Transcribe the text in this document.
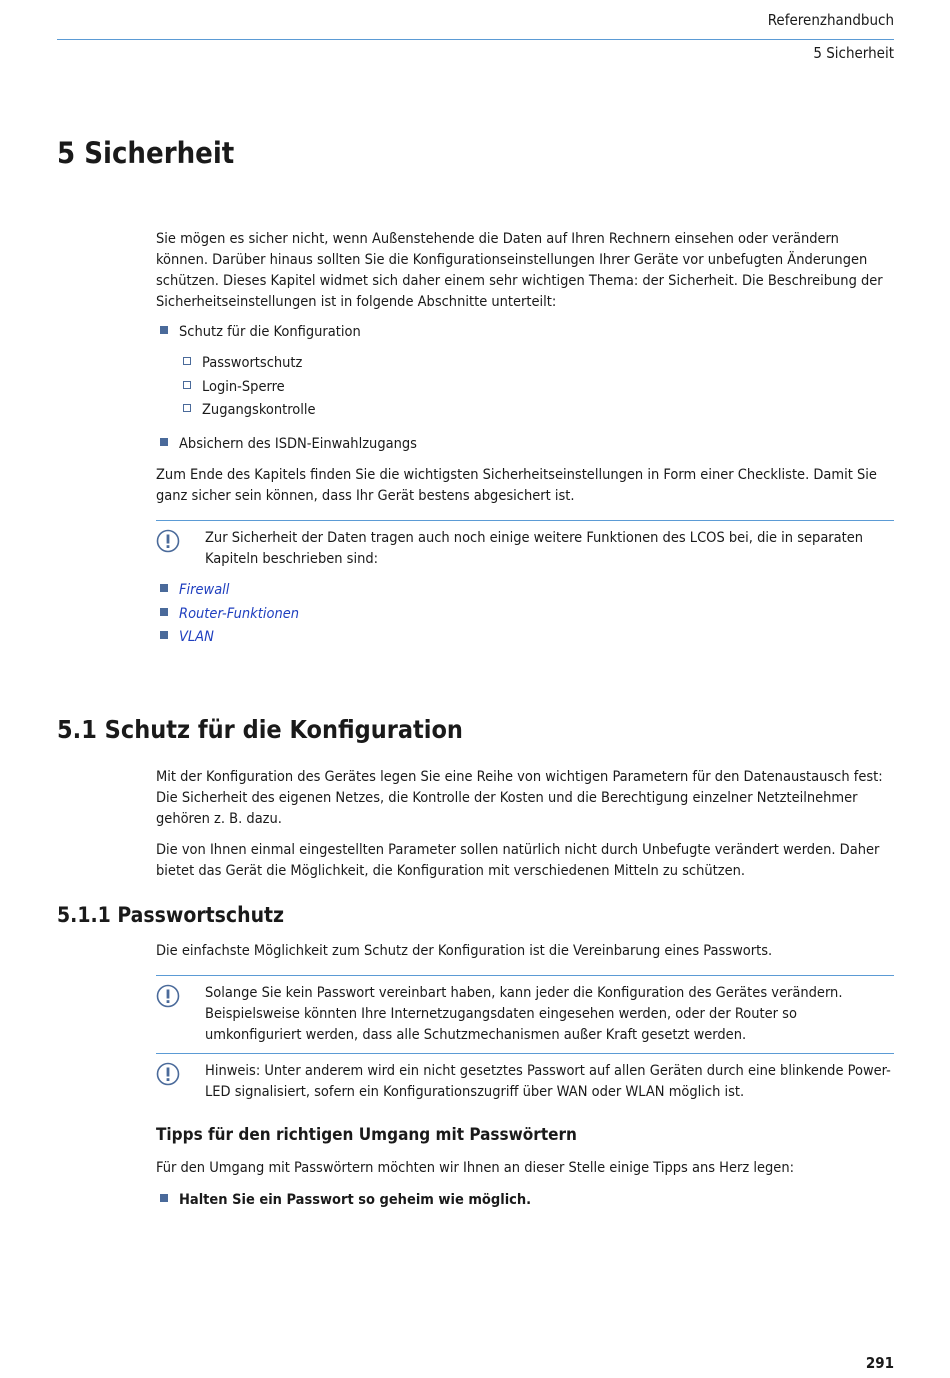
Referenzhandbuch
5 Sicherheit
5 Sicherheit

Sie mögen es sicher nicht, wenn Außenstehende die Daten auf Ihren Rechnern einsehen oder verändern können. Darüber hinaus sollten Sie die Konfigurationseinstellungen Ihrer Geräte vor unbefugten Änderungen schützen. Dieses Kapitel widmet sich daher einem sehr wichtigen Thema: der Sicherheit. Die Beschreibung der Sicherheitseinstellungen ist in folgende Abschnitte unterteilt:

Schutz für die Konfiguration
Passwortschutz
Login-Sperre
Zugangskontrolle
Absichern des ISDN-Einwahlzugangs

Zum Ende des Kapitels finden Sie die wichtigsten Sicherheitseinstellungen in Form einer Checkliste. Damit Sie ganz sicher sein können, dass Ihr Gerät bestens abgesichert ist.

Zur Sicherheit der Daten tragen auch noch einige weitere Funktionen des LCOS bei, die in separaten Kapiteln beschrieben sind:

Firewall
Router-Funktionen
VLAN
5.1 Schutz für die Konfiguration

Mit der Konfiguration des Gerätes legen Sie eine Reihe von wichtigen Parametern für den Datenaustausch fest: Die Sicherheit des eigenen Netzes, die Kontrolle der Kosten und die Berechtigung einzelner Netzteilnehmer gehören z. B. dazu.

Die von Ihnen einmal eingestellten Parameter sollen natürlich nicht durch Unbefugte verändert werden. Daher bietet das Gerät die Möglichkeit, die Konfiguration mit verschiedenen Mitteln zu schützen.

5.1.1 Passwortschutz

Die einfachste Möglichkeit zum Schutz der Konfiguration ist die Vereinbarung eines Passworts.

Solange Sie kein Passwort vereinbart haben, kann jeder die Konfiguration des Gerätes verändern. Beispielsweise könnten Ihre Internetzugangsdaten eingesehen werden, oder der Router so umkonfiguriert werden, dass alle Schutzmechanismen außer Kraft gesetzt werden.

Hinweis: Unter anderem wird ein nicht gesetztes Passwort auf allen Geräten durch eine blinkende Power-LED signalisiert, sofern ein Konfigurationszugriff über WAN oder WLAN möglich ist.

Tipps für den richtigen Umgang mit Passwörtern

Für den Umgang mit Passwörtern möchten wir Ihnen an dieser Stelle einige Tipps ans Herz legen:

Halten Sie ein Passwort so geheim wie möglich.
291
